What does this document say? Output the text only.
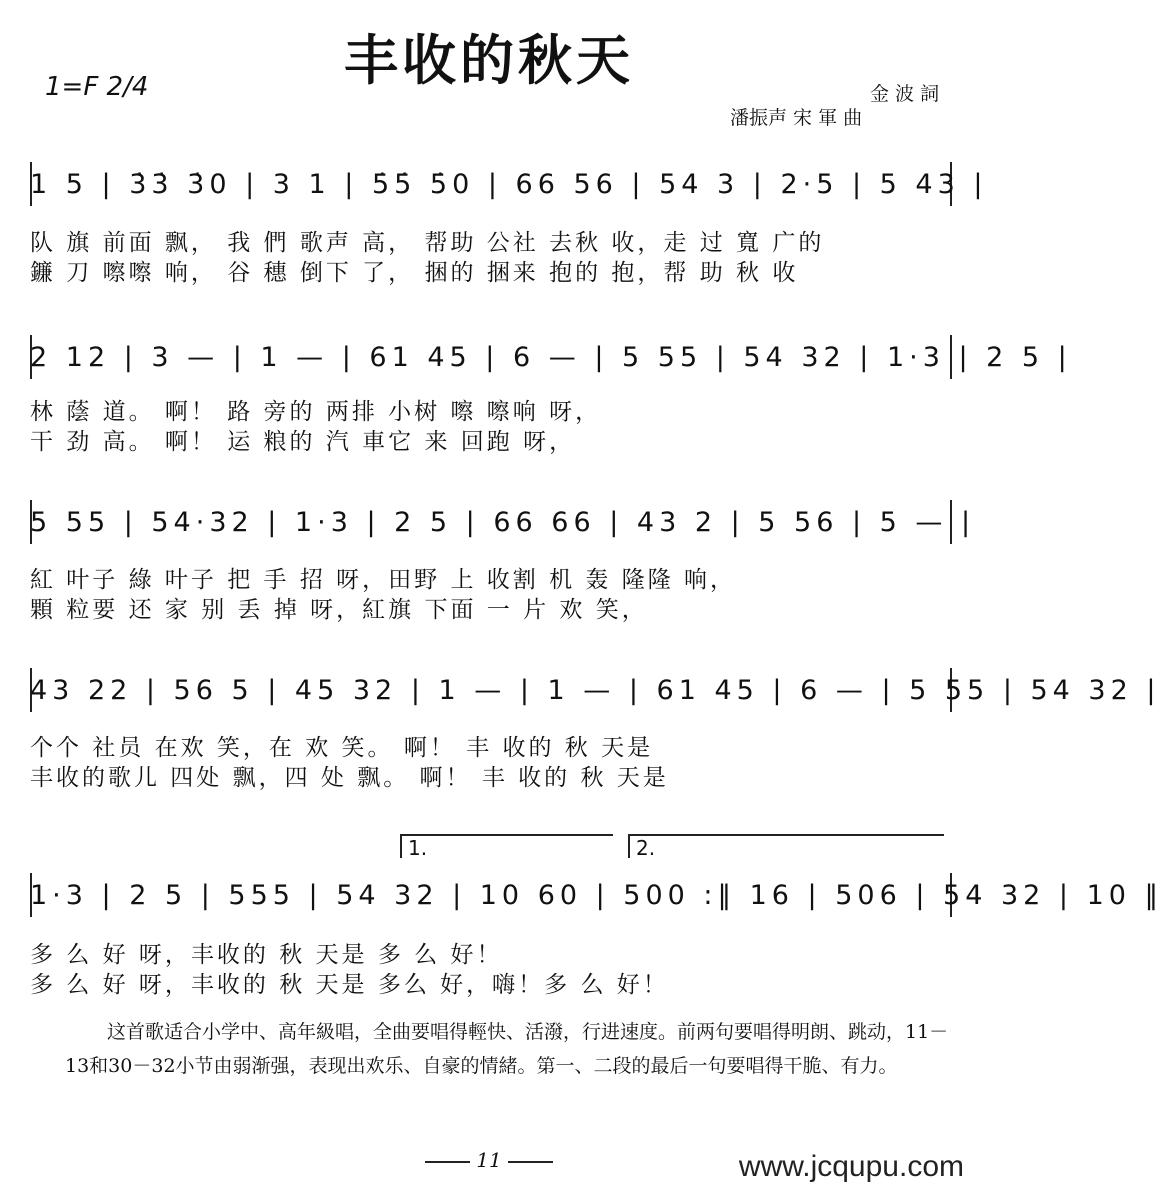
丰收的秋天
1=F 2/4	金 波 詞
潘振声 宋 軍 曲
1 5 | 3̇3̇ 3̇0 | 3 1 | 5̇5̇ 5̇0 | 66 56 | 54 3 | 2·5 | 5 43 |
队 旗 前面 飘， 我 們 歌声 高， 帮助 公社 去秋 收，走 过 寬 广的
鐮 刀 嚓嚓 响， 谷 穗 倒下 了， 捆的 捆来 抱的 抱，帮 助 秋 收
2 12 | 3 — | 1 — | 61 45 | 6 — | 5 55 | 54 32 | 1·3 | 2 5 |
林 蔭 道。 啊！ 路 旁的 两排 小树 嚓 嚓响 呀，
干 劲 高。 啊！ 运 粮的 汽 車它 来 回跑 呀，
5 55 | 54·32 | 1·3 | 2 5 | 66 66 | 43 2 | 5 56 | 5 — |
紅 叶子 綠 叶子 把 手 招 呀，田野 上 收割 机 轰 隆隆 响，
顆 粒要 还 家 别 丢 掉 呀，紅旗 下面 一 片 欢 笑，
43 22 | 56 5 | 45 32 | 1 — | 1 — | 61 45 | 6 — | 5 55 | 54 32 |
个个 社员 在欢 笑，在 欢 笑。 啊！ 丰 收的 秋 天是
丰收的歌儿 四处 飘，四 处 飘。 啊！ 丰 收的 秋 天是
1.	2.
1·3 | 2 5 | 555 | 54 32 | 10 60 | 500 :‖ 16 | 506 | 54 32 | 10 ‖
多 么 好 呀，丰收的 秋 天是 多 么 好！
多 么 好 呀，丰收的 秋 天是 多么 好，嗨！多 么 好！
这首歌适合小学中、高年級唱，全曲要唱得輕快、活潑，行进速度。前两句要唱得明朗、跳动，11－13和30－32小节由弱渐强，表现出欢乐、自豪的情緒。第一、二段的最后一句要唱得干脆、有力。
11	www.jcqupu.com
